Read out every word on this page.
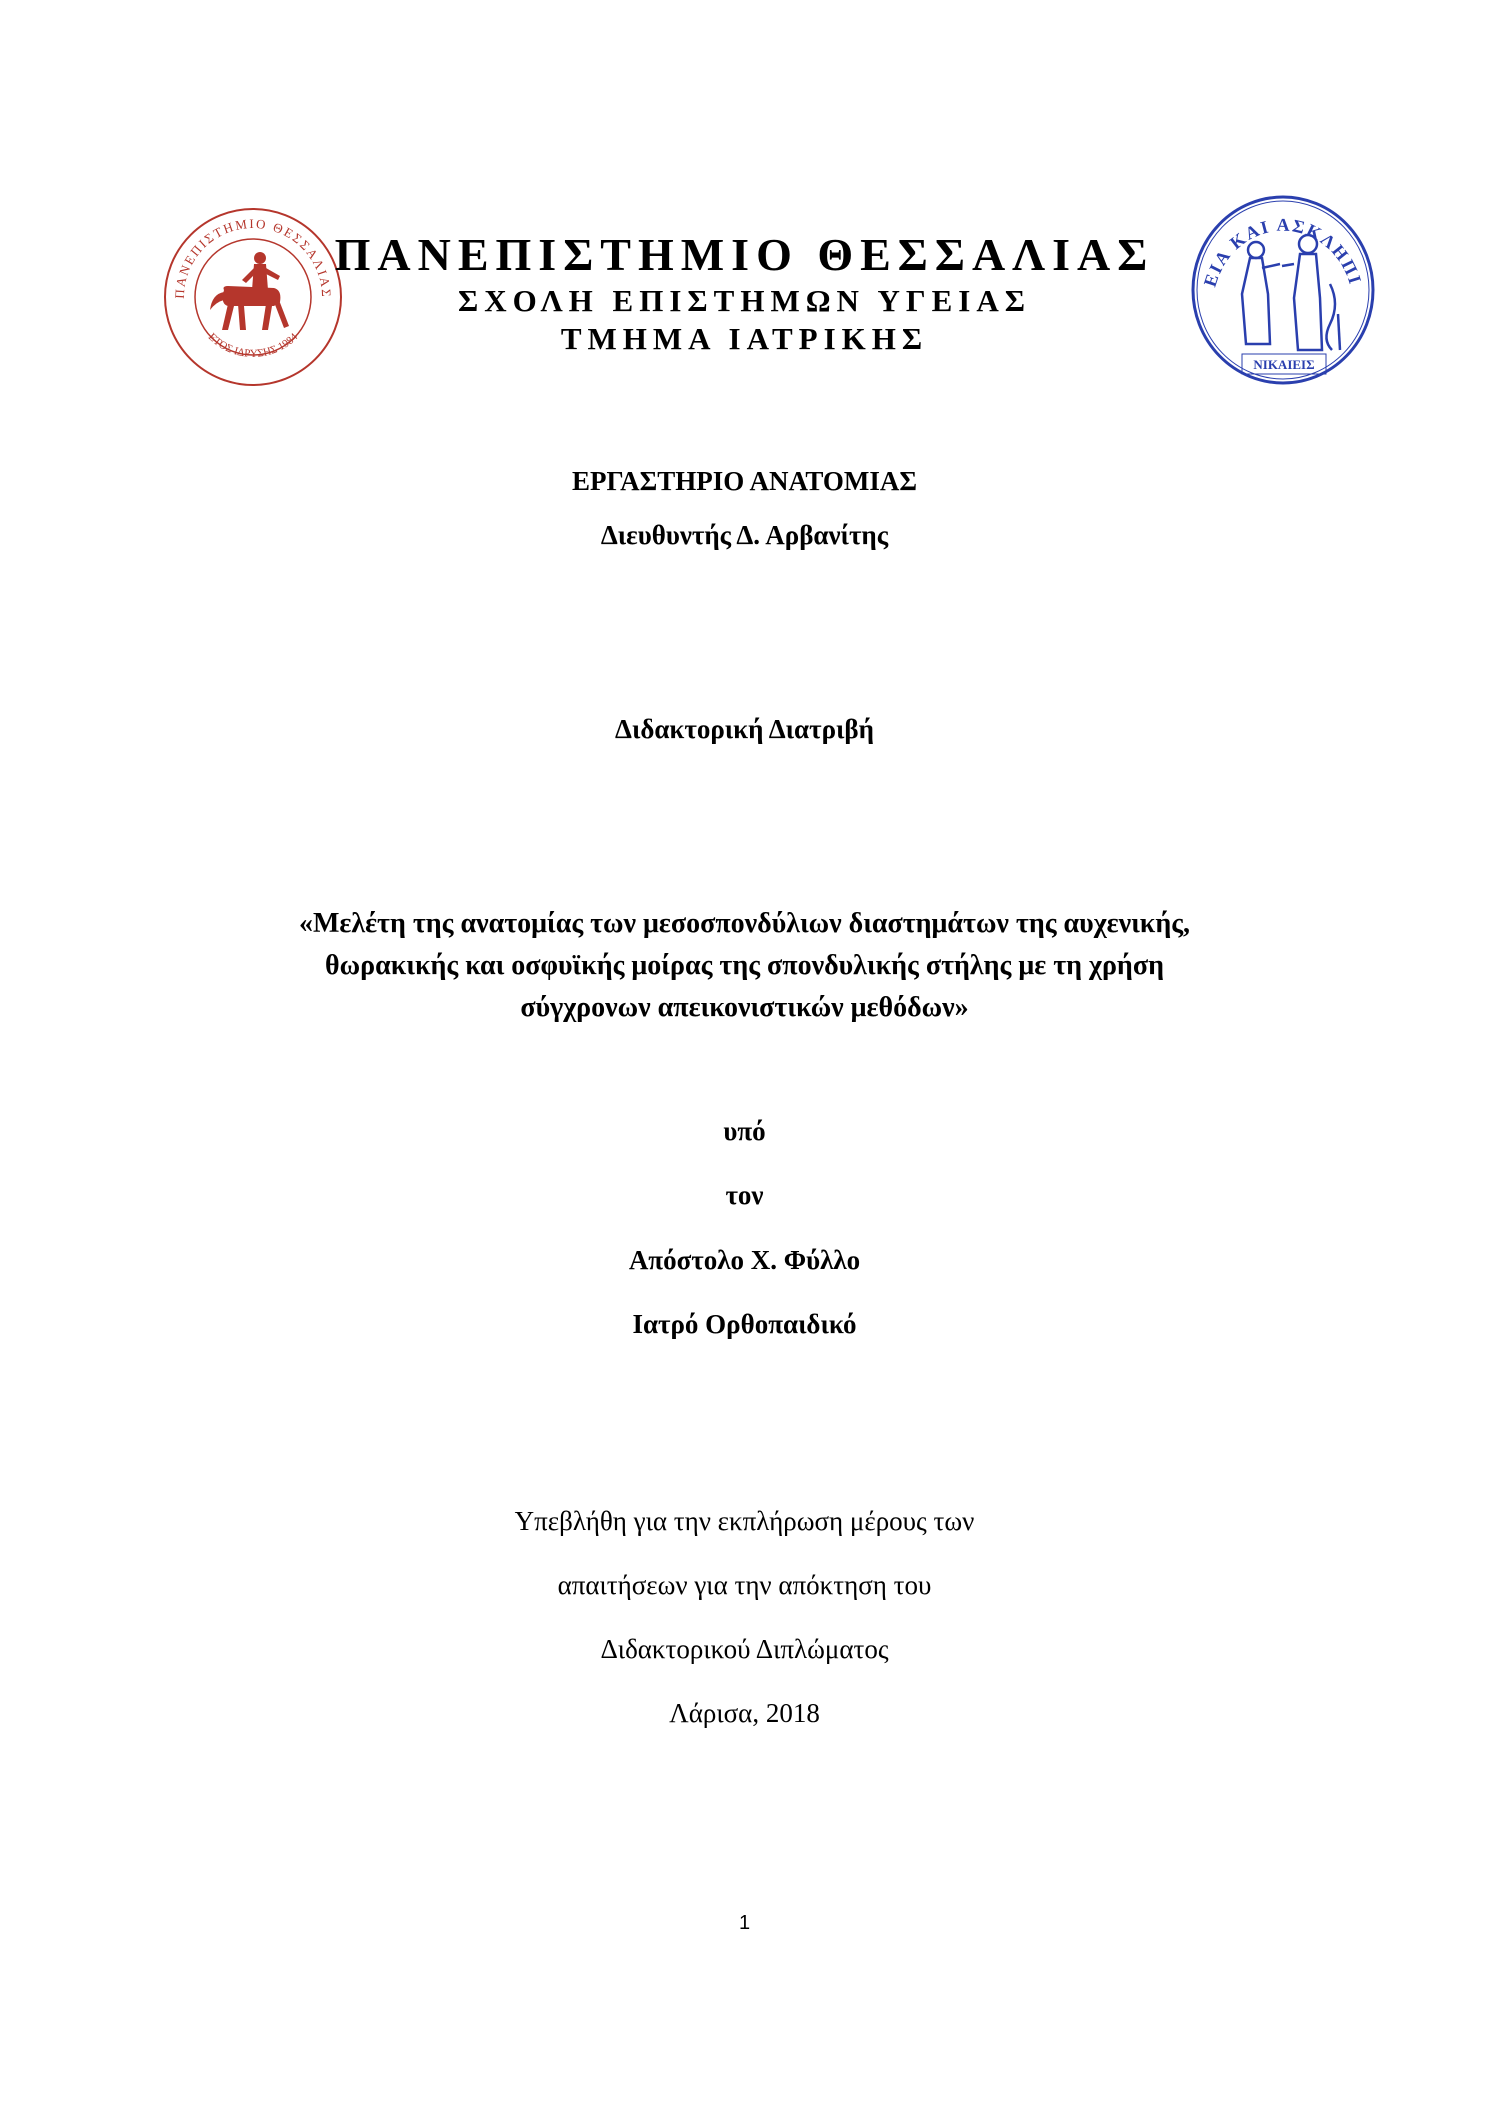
ΠΑΝΕΠΙΣΤΗΜΙΟ ΘΕΣΣΑΛΙΑΣ
ΕΤΟΣ ΙΔΡΥΣΗΣ 1984
ΕΙΑ ΚΑΙ ΑΣΚΛΗΠΙ
ΝΙΚΑΙΕΙΣ
ΠΑΝΕΠΙΣΤΗΜΙΟ ΘΕΣΣΑΛΙΑΣ
ΣΧΟΛΗ ΕΠΙΣΤΗΜΩΝ ΥΓΕΙΑΣ
ΤΜΗΜΑ ΙΑΤΡΙΚΗΣ
ΕΡΓΑΣΤΗΡΙΟ ΑΝΑΤΟΜΙΑΣ
Διευθυντής Δ. Αρβανίτης
Διδακτορική Διατριβή
«Μελέτη της ανατομίας των μεσοσπονδύλιων διαστημάτων της αυχενικής,
θωρακικής και οσφυϊκής μοίρας της σπονδυλικής στήλης με τη χρήση
σύγχρονων απεικονιστικών μεθόδων»
υπό
τον
Απόστολο Χ. Φύλλο
Ιατρό Ορθοπαιδικό
Υπεβλήθη για την εκπλήρωση μέρους των
απαιτήσεων για την απόκτηση του
Διδακτορικού Διπλώματος
Λάρισα, 2018
1
